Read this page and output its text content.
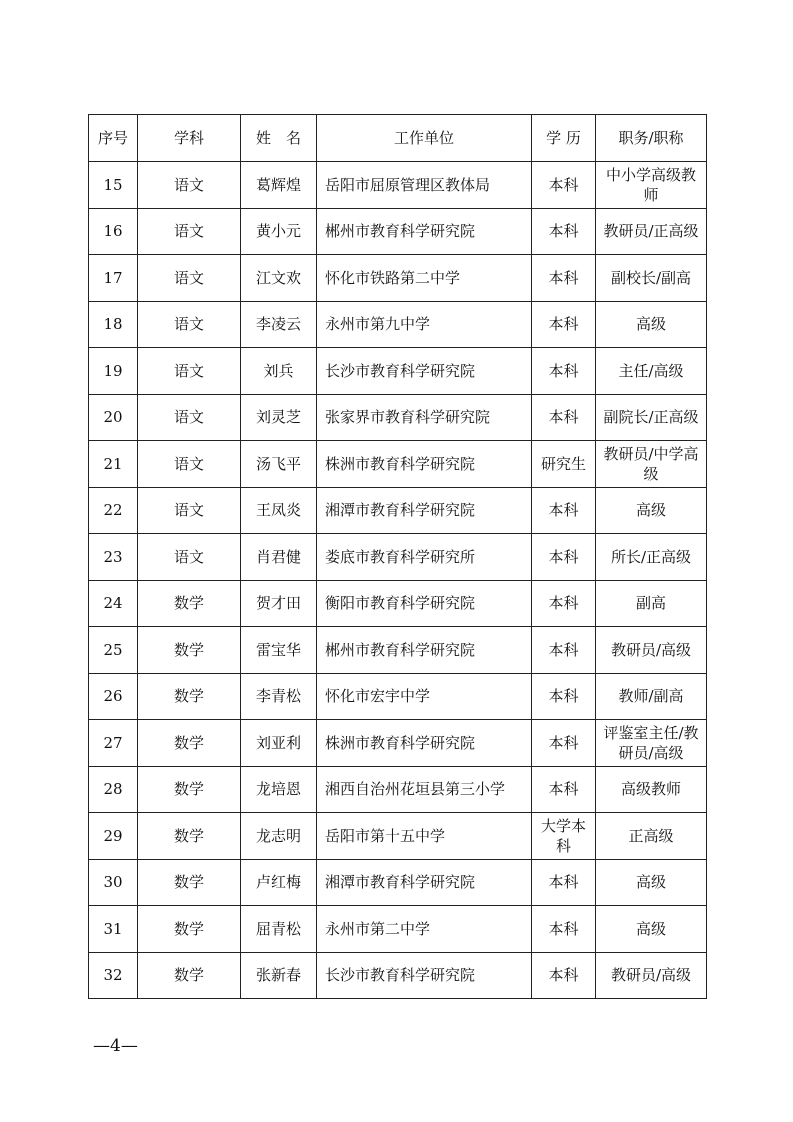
序号	学科	姓　名	工作单位	学 历	职务/职称
15	语文	葛辉煌	岳阳市屈原管理区教体局	本科	中小学高级教师
16	语文	黄小元	郴州市教育科学研究院	本科	教研员/正高级
17	语文	江文欢	怀化市铁路第二中学	本科	副校长/副高
18	语文	李凌云	永州市第九中学	本科	高级
19	语文	刘兵	长沙市教育科学研究院	本科	主任/高级
20	语文	刘灵芝	张家界市教育科学研究院	本科	副院长/正高级
21	语文	汤飞平	株洲市教育科学研究院	研究生	教研员/中学高级
22	语文	王凤炎	湘潭市教育科学研究院	本科	高级
23	语文	肖君健	娄底市教育科学研究所	本科	所长/正高级
24	数学	贺才田	衡阳市教育科学研究院	本科	副高
25	数学	雷宝华	郴州市教育科学研究院	本科	教研员/高级
26	数学	李青松	怀化市宏宇中学	本科	教师/副高
27	数学	刘亚利	株洲市教育科学研究院	本科	评鉴室主任/教研员/高级
28	数学	龙培恩	湘西自治州花垣县第三小学	本科	高级教师
29	数学	龙志明	岳阳市第十五中学	大学本科	正高级
30	数学	卢红梅	湘潭市教育科学研究院	本科	高级
31	数学	屈青松	永州市第二中学	本科	高级
32	数学	张新春	长沙市教育科学研究院	本科	教研员/高级
—4—
